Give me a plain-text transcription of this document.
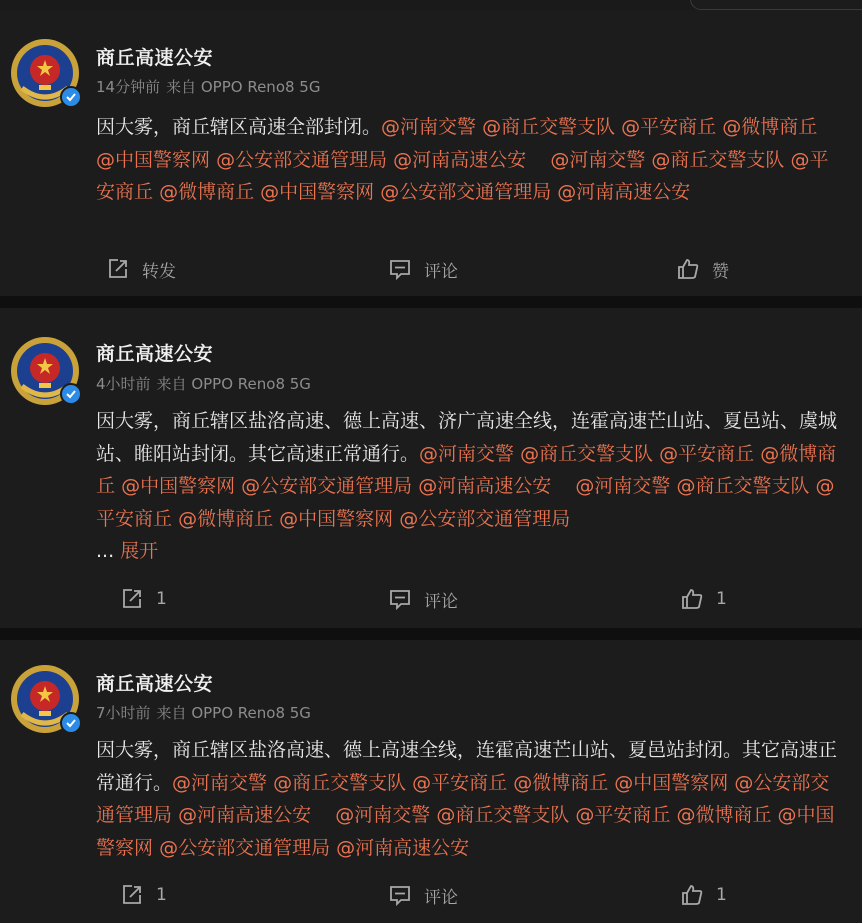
商丘高速公安
14分钟前 来自 OPPO Reno8 5G
因大雾，商丘辖区高速全部封闭。@河南交警 @商丘交警支队 @平安商丘 @微博商丘 @中国警察网 @公安部交通管理局 @河南高速公安 @河南交警 @商丘交警支队 @平安商丘 @微博商丘 @中国警察网 @公安部交通管理局 @河南高速公安
转发	评论	赞
商丘高速公安
4小时前 来自 OPPO Reno8 5G
因大雾，商丘辖区盐洛高速、德上高速、济广高速全线，连霍高速芒山站、夏邑站、虞城站、睢阳站封闭。其它高速正常通行。@河南交警 @商丘交警支队 @平安商丘 @微博商丘 @中国警察网 @公安部交通管理局 @河南高速公安 @河南交警 @商丘交警支队 @平安商丘 @微博商丘 @中国警察网 @公安部交通管理局
... 展开
1	评论	1
商丘高速公安
7小时前 来自 OPPO Reno8 5G
因大雾，商丘辖区盐洛高速、德上高速全线，连霍高速芒山站、夏邑站封闭。其它高速正常通行。@河南交警 @商丘交警支队 @平安商丘 @微博商丘 @中国警察网 @公安部交通管理局 @河南高速公安 @河南交警 @商丘交警支队 @平安商丘 @微博商丘 @中国警察网 @公安部交通管理局 @河南高速公安
1	评论	1
